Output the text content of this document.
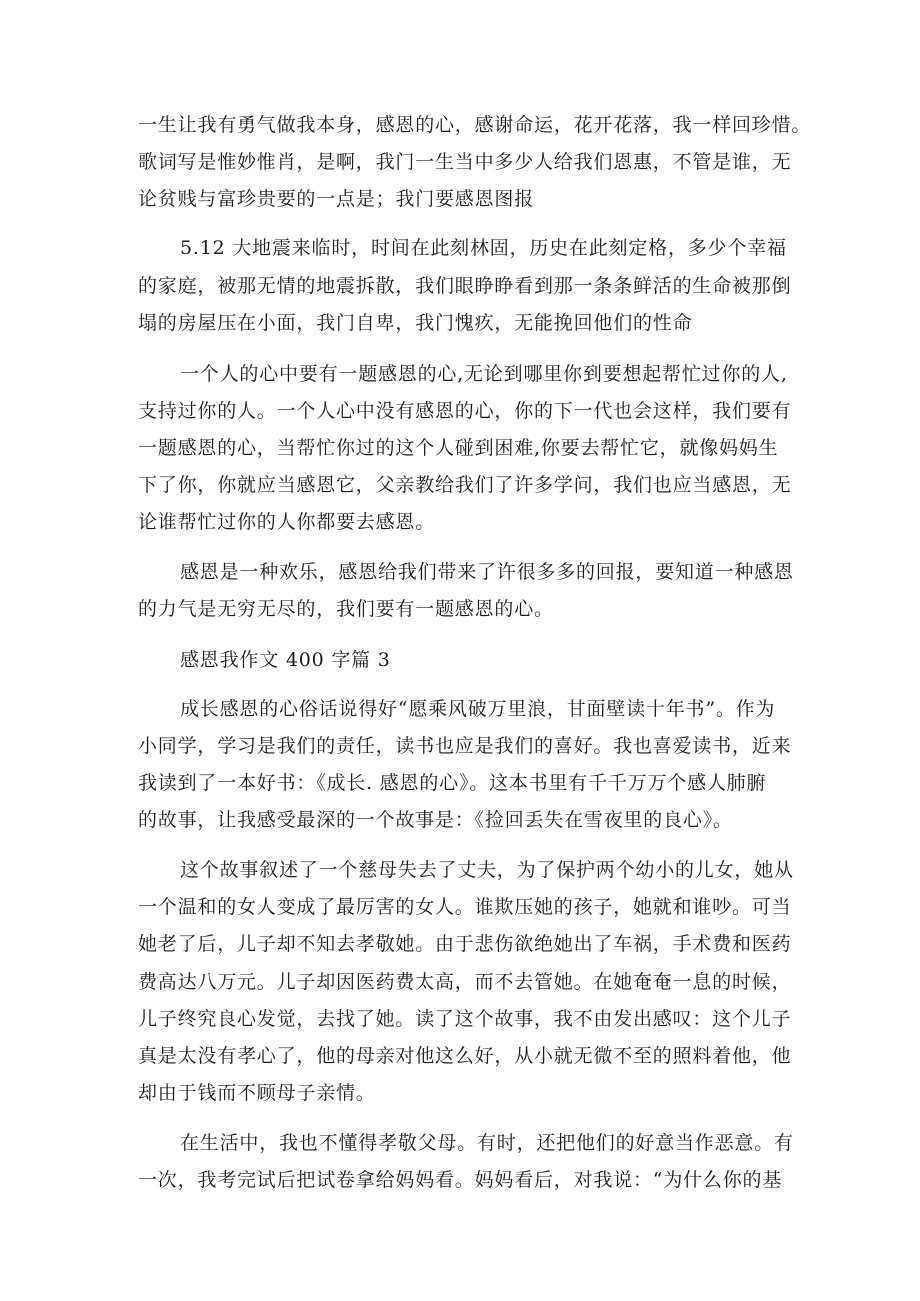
一生让我有勇气做我本身，感恩的心，感谢命运，花开花落，我一样回珍惜。
歌词写是惟妙惟肖，是啊，我门一生当中多少人给我们恩惠，不管是谁，无
论贫贱与富珍贵要的一点是；我门要感恩图报
5.12 大地震来临时，时间在此刻林固，历史在此刻定格，多少个幸福
的家庭，被那无情的地震拆散，我们眼睁睁看到那一条条鲜活的生命被那倒
塌的房屋压在小面，我门自卑，我门愧疚，无能挽回他们的性命
一个人的心中要有一题感恩的心,无论到哪里你到要想起帮忙过你的人,
支持过你的人。一个人心中没有感恩的心，你的下一代也会这样，我们要有
一题感恩的心，当帮忙你过的这个人碰到困难,你要去帮忙它，就像妈妈生
下了你，你就应当感恩它，父亲教给我们了许多学问，我们也应当感恩，无
论谁帮忙过你的人你都要去感恩。
感恩是一种欢乐，感恩给我们带来了许很多多的回报，要知道一种感恩
的力气是无穷无尽的，我们要有一题感恩的心。
感恩我作文 400 字篇 3
成长感恩的心俗话说得好“愿乘风破万里浪，甘面壁读十年书”。作为
小同学，学习是我们的责任，读书也应是我们的喜好。我也喜爱读书，近来
我读到了一本好书：《成长. 感恩的心》。这本书里有千千万万个感人肺腑
的故事，让我感受最深的一个故事是：《捡回丢失在雪夜里的良心》。
这个故事叙述了一个慈母失去了丈夫，为了保护两个幼小的儿女，她从
一个温和的女人变成了最厉害的女人。谁欺压她的孩子，她就和谁吵。可当
她老了后，儿子却不知去孝敬她。由于悲伤欲绝她出了车祸，手术费和医药
费高达八万元。儿子却因医药费太高，而不去管她。在她奄奄一息的时候，
儿子终究良心发觉，去找了她。读了这个故事，我不由发出感叹：这个儿子
真是太没有孝心了，他的母亲对他这么好，从小就无微不至的照料着他，他
却由于钱而不顾母子亲情。
在生活中，我也不懂得孝敬父母。有时，还把他们的好意当作恶意。有
一次，我考完试后把试卷拿给妈妈看。妈妈看后，对我说：“为什么你的基
